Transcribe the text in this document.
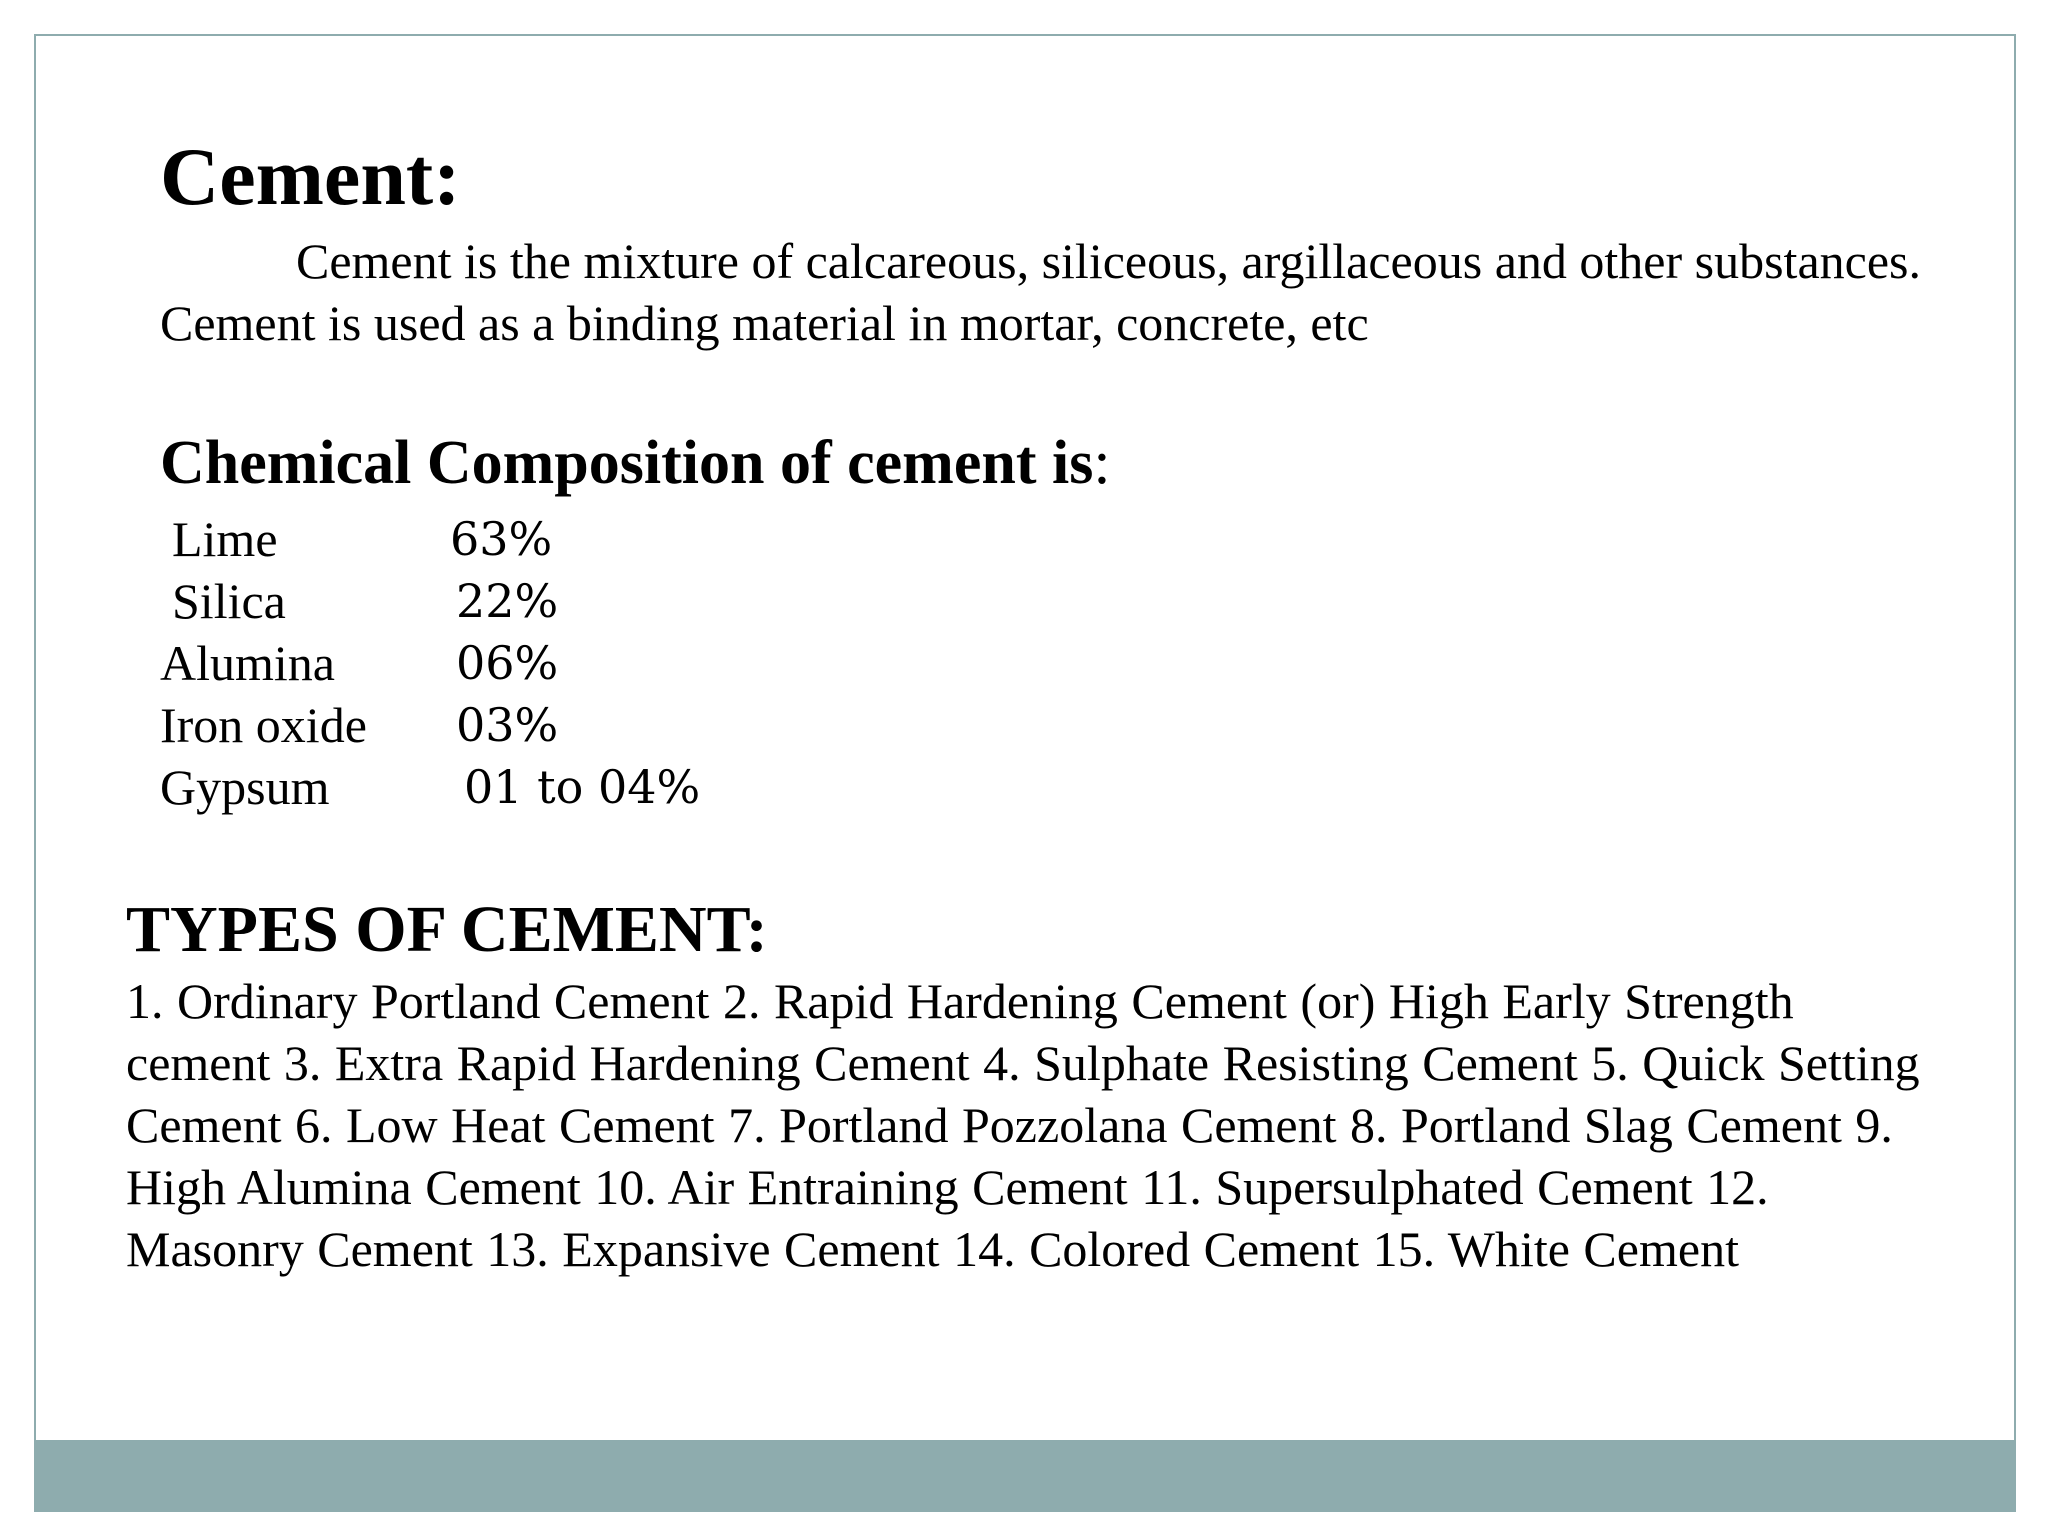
Cement:

Cement is the mixture of calcareous, siliceous, argillaceous and other substances. Cement is used as a binding material in mortar, concrete, etc

Chemical Composition of cement is:
Lime	63%
Silica	22%
Alumina	06%
Iron oxide	03%
Gypsum	01 to 04%
TYPES OF CEMENT:

1. Ordinary Portland Cement 2. Rapid Hardening Cement (or) High Early Strength cement 3. Extra Rapid Hardening Cement 4. Sulphate Resisting Cement 5. Quick Setting Cement 6. Low Heat Cement 7. Portland Pozzolana Cement 8. Portland Slag Cement 9. High Alumina Cement 10. Air Entraining Cement 11. Supersulphated Cement 12. Masonry Cement 13. Expansive Cement 14. Colored Cement 15. White Cement
